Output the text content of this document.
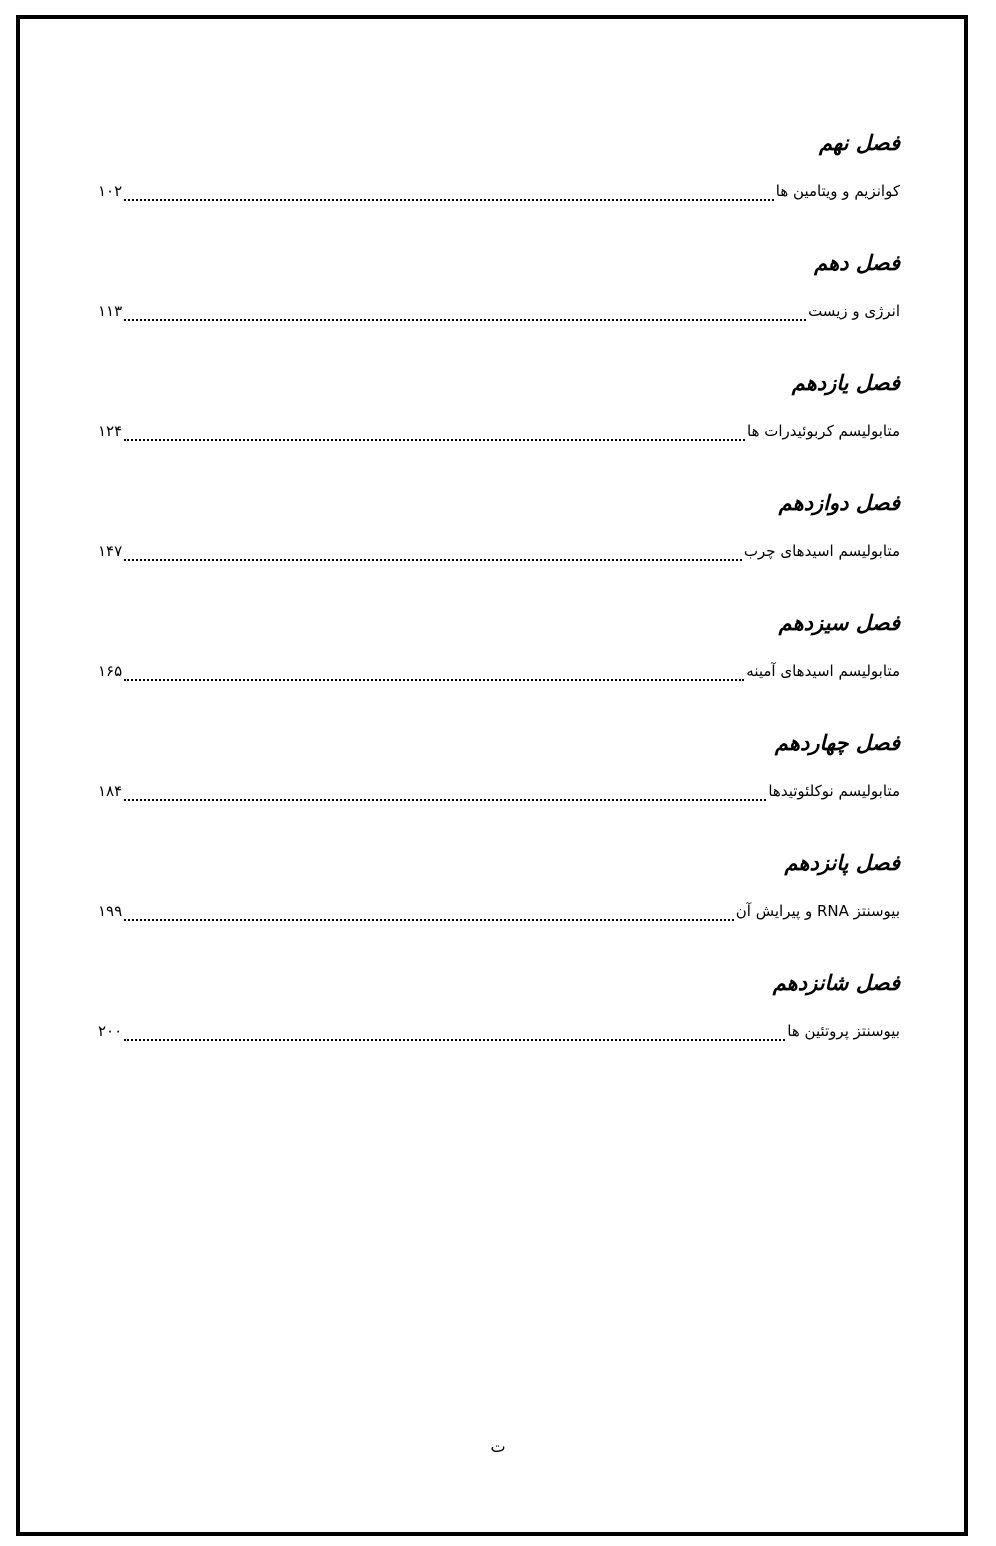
فصل نهم
کوانزیم و ویتامین ها
۱۰۲
فصل دهم
انرژی و زیست
۱۱۳
فصل یازدهم
متابولیسم کربوئیدرات ها
۱۲۴
فصل دوازدهم
متابولیسم اسیدهای چرب
۱۴۷
فصل سیزدهم
متابولیسم اسیدهای آمینه
۱۶۵
فصل چهاردهم
متابولیسم نوکلئوتیدها
۱۸۴
فصل پانزدهم
بیوسنتز RNA و پیرایش آن
۱۹۹
فصل شانزدهم
بیوسنتز پروتئین ها
۲۰۰
ت
